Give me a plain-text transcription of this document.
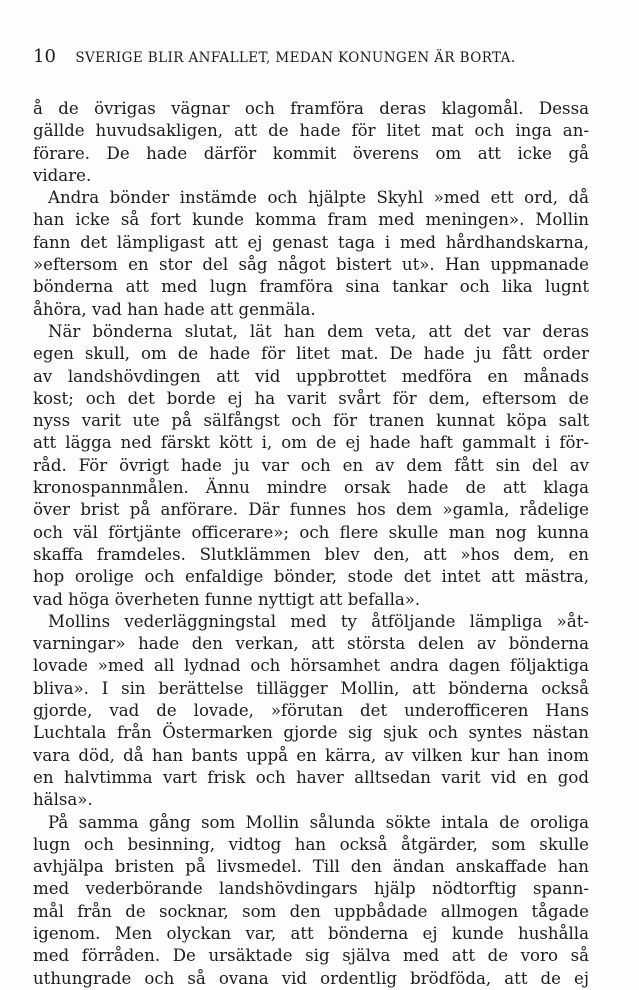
10 SVERIGE BLIR ANFALLET, MEDAN KONUNGEN ÄR BORTA.
å de övrigas vägnar och framföra deras klagomål. Dessa
gällde huvudsakligen, att de hade för litet mat och inga an-
förare. De hade därför kommit överens om att icke gå
vidare.
Andra bönder instämde och hjälpte Skyhl »med ett ord, då
han icke så fort kunde komma fram med meningen». Mollin
fann det lämpligast att ej genast taga i med hårdhandskarna,
»eftersom en stor del såg något bistert ut». Han uppmanade
bönderna att med lugn framföra sina tankar och lika lugnt
åhöra, vad han hade att genmäla.
När bönderna slutat, lät han dem veta, att det var deras
egen skull, om de hade för litet mat. De hade ju fått order
av landshövdingen att vid uppbrottet medföra en månads
kost; och det borde ej ha varit svårt för dem, eftersom de
nyss varit ute på sälfångst och för tranen kunnat köpa salt
att lägga ned färskt kött i, om de ej hade haft gammalt i för-
råd. För övrigt hade ju var och en av dem fått sin del av
kronospannmålen. Ännu mindre orsak hade de att klaga
över brist på anförare. Där funnes hos dem »gamla, rådelige
och väl förtjänte officerare»; och flere skulle man nog kunna
skaffa framdeles. Slutklämmen blev den, att »hos dem, en
hop orolige och enfaldige bönder, stode det intet att mästra,
vad höga överheten funne nyttigt att befalla».
Mollins vederläggningstal med ty åtföljande lämpliga »åt-
varningar» hade den verkan, att största delen av bönderna
lovade »med all lydnad och hörsamhet andra dagen följaktiga
bliva». I sin berättelse tillägger Mollin, att bönderna också
gjorde, vad de lovade, »förutan det underofficeren Hans
Luchtala från Östermarken gjorde sig sjuk och syntes nästan
vara död, då han bants uppå en kärra, av vilken kur han inom
en halvtimma vart frisk och haver alltsedan varit vid en god
hälsa».
På samma gång som Mollin sålunda sökte intala de oroliga
lugn och besinning, vidtog han också åtgärder, som skulle
avhjälpa bristen på livsmedel. Till den ändan anskaffade han
med vederbörande landshövdingars hjälp nödtorftig spann-
mål från de socknar, som den uppbådade allmogen tågade
igenom. Men olyckan var, att bönderna ej kunde hushålla
med förråden. De ursäktade sig själva med att de voro så
uthungrade och så ovana vid ordentlig brödföda, att de ej
